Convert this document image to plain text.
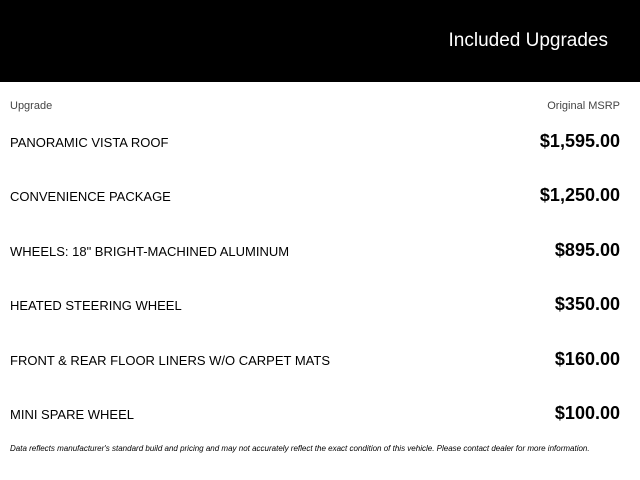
Included Upgrades
Upgrade	Original MSRP
PANORAMIC VISTA ROOF	$1,595.00
CONVENIENCE PACKAGE	$1,250.00
WHEELS: 18" BRIGHT-MACHINED ALUMINUM	$895.00
HEATED STEERING WHEEL	$350.00
FRONT & REAR FLOOR LINERS W/O CARPET MATS	$160.00
MINI SPARE WHEEL	$100.00
Data reflects manufacturer's standard build and pricing and may not accurately reflect the exact condition of this vehicle. Please contact dealer for more information.
